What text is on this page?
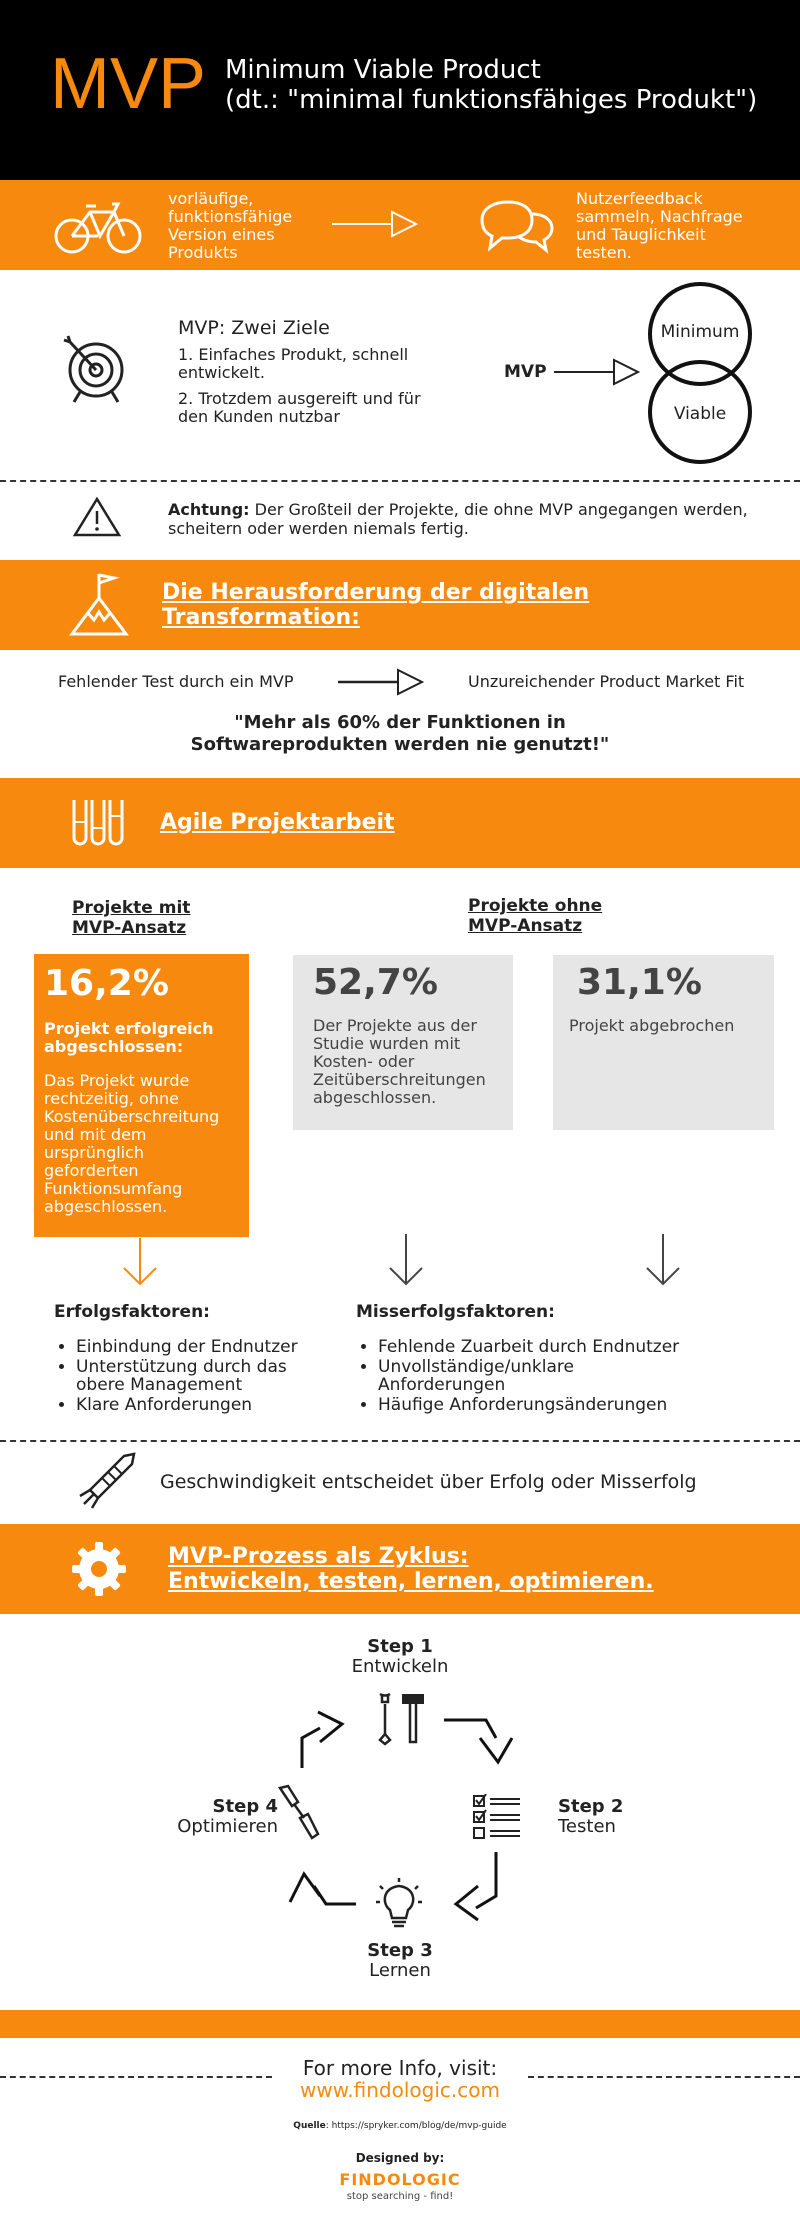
MVP Minimum Viable Product
(dt.: "minimal funktionsfähiges Produkt")
vorläufige, funktionsfähige Version eines Produkts
Nutzerfeedback sammeln, Nachfrage und Tauglichkeit testen.
MVP: Zwei Ziele
1. Einfaches Produkt, schnell entwickelt.
2. Trotzdem ausgereift und für den Kunden nutzbar
MVP
Minimum
Viable
Achtung: Der Großteil der Projekte, die ohne MVP angegangen werden, scheitern oder werden niemals fertig.
Die Herausforderung der digitalen
Transformation:
Fehlender Test durch ein MVP	Unzureichender Product Market Fit
"Mehr als 60% der Funktionen in
Softwareprodukten werden nie genutzt!"
Agile Projektarbeit
Projekte mit
MVP-Ansatz
Projekte ohne
MVP-Ansatz
16,2%
Projekt erfolgreich abgeschlossen:
Das Projekt wurde rechtzeitig, ohne Kostenüberschreitung und mit dem ursprünglich geforderten Funktionsumfang abgeschlossen.
52,7%
Der Projekte aus der Studie wurden mit Kosten- oder Zeitüberschreitungen abgeschlossen.
31,1%
Projekt abgebrochen
Erfolgsfaktoren:
• Einbindung der Endnutzer
• Unterstützung durch das obere Management
• Klare Anforderungen
Misserfolgsfaktoren:
• Fehlende Zuarbeit durch Endnutzer
• Unvollständige/unklare Anforderungen
• Häufige Anforderungsänderungen
Geschwindigkeit entscheidet über Erfolg oder Misserfolg
MVP-Prozess als Zyklus:
Entwickeln, testen, lernen, optimieren.
Step 1
Entwickeln
Step 2
Testen
Step 4
Optimieren
Step 3
Lernen
For more Info, visit:
www.findologic.com
Quelle: https://spryker.com/blog/de/mvp-guide
Designed by:
FINDOLOGIC
stop searching - find!
